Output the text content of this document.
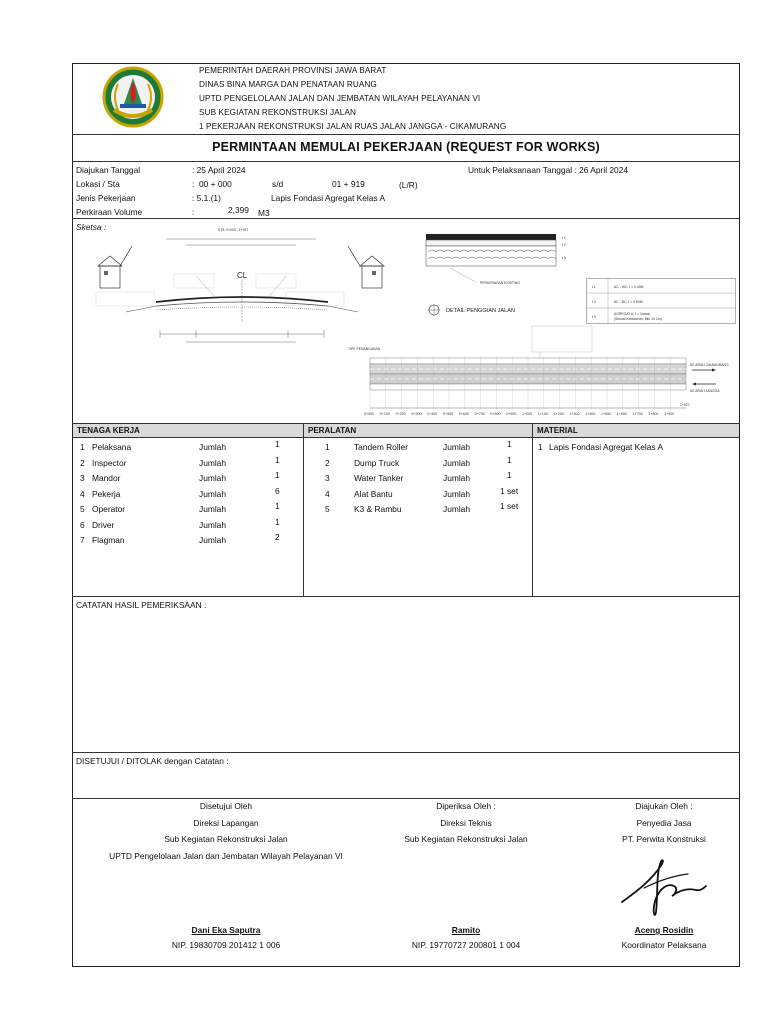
PEMERINTAH DAERAH PROVINSI JAWA BARAT
DINAS BINA MARGA DAN PENATAAN RUANG
UPTD PENGELOLAAN JALAN DAN JEMBATAN WILAYAH PELAYANAN VI
SUB KEGIATAN REKONSTRUKSI JALAN
1 PEKERJAAN REKONSTRUKSI JALAN RUAS JALAN JANGGA - CIKAMURANG
PERMINTAAN MEMULAI PEKERJAAN (REQUEST FOR WORKS)
Diajukan Tanggal	: 25 April 2024	Untuk Pelaksanaan Tanggal : 26 April 2024
Lokasi / Sta	: 00 + 000	s/d	01 + 919	(L/R)
Jenis Pekerjaan	: 5.1.(1)	Lapis Fondasi Agregat Kelas A
Perkiraan Volume	:	2,399 M3
Sketsa :	STA. 0+000 - 1+927
CL
t 1
t 2
t 3
PERKERASAN EXISTING
DETAIL PENGGIAN JALAN
t 1
t 2
t 3
AC - WC, t = 0.40M
AC - BC, t = 0.60M
AGREGAT A, t = Variasi
(Sesuai Kebutuhan, Min 10 Cm)
TIPE PENANGANAN
KE ARAH CIKAMURANG
KE ARAH JANGGA
1+927
0+000 0+100 0+200 0+300 0+400 0+500 0+600 0+700 0+800 0+900 1+000 1+100 1+200 1+300 1+400 1+500 1+600 1+700 1+800 1+900
TENAGA KERJA	PERALATAN	MATERIAL
1 Pelaksana	Jumlah	1
2 Inspector	Jumlah	1
3 Mandor	Jumlah	1
4 Pekerja	Jumlah	6
5 Operator	Jumlah	1
6 Driver	Jumlah	1
7 Flagman	Jumlah	2
1	Tandem Roller	Jumlah	1
2	Dump Truck	Jumlah	1
3	Water Tanker	Jumlah	1
4	Alat Bantu	Jumlah	1 set
5	K3 & Rambu	Jumlah	1 set
1 Lapis Fondasi Agregat Kelas A
CATATAN HASIL PEMERIKSAAN :
DISETUJUI / DITOLAK dengan Catatan :
Disetujui Oleh
Direksi Lapangan
Sub Kegiatan Rekonstruksi Jalan
UPTD Pengelolaan Jalan dan Jembatan Wilayah Pelayanan VI
Dani Eka Saputra
NIP. 19830709 201412 1 006
Diperiksa Oleh :
Direksi Teknis
Sub Kegiatan Rekonstruksi Jalan
Ramito
NIP. 19770727 200801 1 004
Diajukan Oleh :
Penyedia Jasa
PT. Perwita Konstruksi
Aceng Rosidin
Koordinator Pelaksana
